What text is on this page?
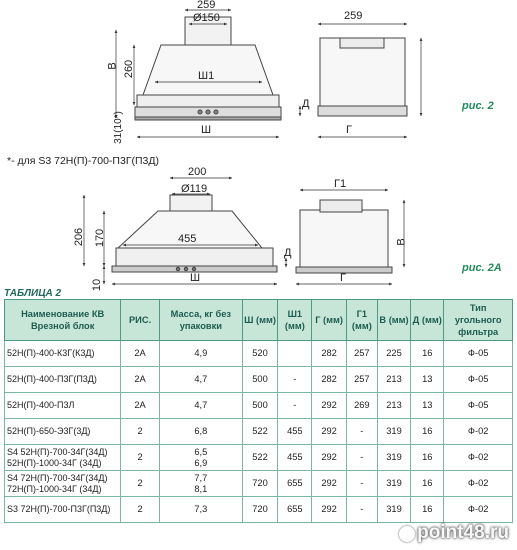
259
Ø150
В 260	Ш1
31(10*)	Ш
259
Д
Г
рис. 2
*- для S3 72Н(П)-700-П3Г(П3Д)
200
Ø119
455
206 170
10
Ш
Г1
Д
В
Г
рис. 2А
ТАБЛИЦА 2
Наименование КВ Врезной блок	РИС.	Масса, кг без упаковки	Ш (мм)	Ш1 (мм)	Г (мм)	Г1 (мм)	В (мм)	Д (мм)	Тип угольного фильтра

52Н(П)-400-К3Г(К3Д)	2А	4,9	520		282	257	225	16	Ф-05

52Н(П)-400-П3Г(П3Д)	2А	4,7	500	-	282	257	213	13	Ф-05

52Н(П)-400-П3Л	2А	4,7	500	-	292	269	213	13	Ф-05

52Н(П)-650-Э3Г(3Д)	2	6,8	522	455	292	-	319	16	Ф-02

S4 52Н(П)-700-34Г(34Д)
52Н(П)-1000-34Г (34Д)	2	6,5
6,9	522	455	292	-	319	16	Ф-02

S4 72Н(П)-700-34Г(34Д)
72Н(П)-1000-34Г (34Д)	2	7,7
8,1	720	655	292	-	319	16	Ф-02

S3 72Н(П)-700-П3Г(П3Д)	2	7,3	720	655	292	-	319	16	Ф-02
point48.ru
